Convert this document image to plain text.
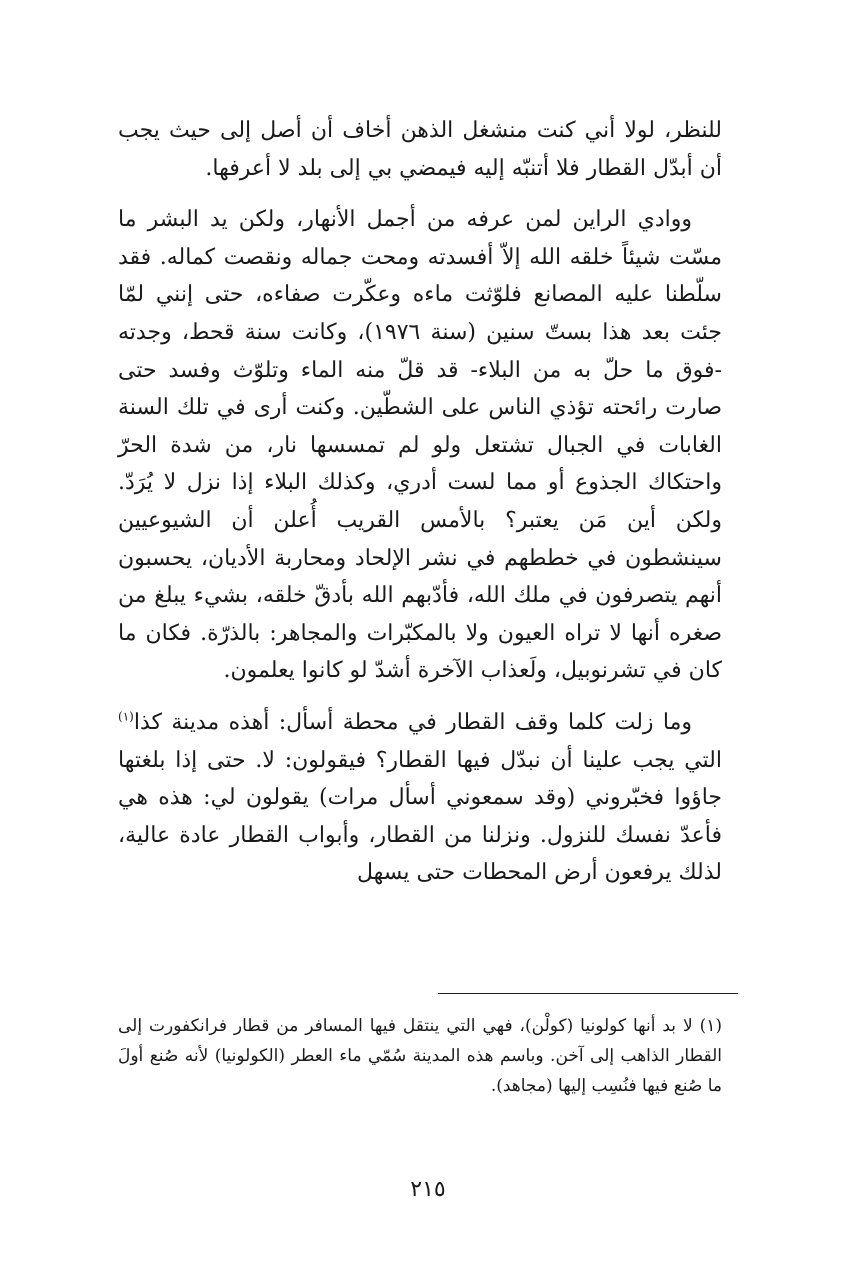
للنظر، لولا أني كنت منشغل الذهن أخاف أن أصل إلى حيث يجب أن أبدّل القطار فلا أتنبّه إليه فيمضي بي إلى بلد لا أعرفها.

ووادي الراين لمن عرفه من أجمل الأنهار، ولكن يد البشر ما مسّت شيئاً خلقه الله إلاّ أفسدته ومحت جماله ونقصت كماله. فقد سلّطنا عليه المصانع فلوّثت ماءه وعكّرت صفاءه، حتى إنني لمّا جئت بعد هذا بستّ سنين (سنة ١٩٧٦)، وكانت سنة قحط، وجدته -فوق ما حلّ به من البلاء- قد قلّ منه الماء وتلوّث وفسد حتى صارت رائحته تؤذي الناس على الشطّين. وكنت أرى في تلك السنة الغابات في الجبال تشتعل ولو لم تمسسها نار، من شدة الحرّ واحتكاك الجذوع أو مما لست أدري، وكذلك البلاء إذا نزل لا يُرَدّ. ولكن أين مَن يعتبر؟ بالأمس القريب أُعلن أن الشيوعيين سينشطون في خططهم في نشر الإلحاد ومحاربة الأديان، يحسبون أنهم يتصرفون في ملك الله، فأدّبهم الله بأدقّ خلقه، بشيء يبلغ من صغره أنها لا تراه العيون ولا بالمكبّرات والمجاهر: بالذرّة. فكان ما كان في تشرنوبيل، ولَعذاب الآخرة أشدّ لو كانوا يعلمون.

وما زلت كلما وقف القطار في محطة أسأل: أهذه مدينة كذا$^{(١)}$ التي يجب علينا أن نبدّل فيها القطار؟ فيقولون: لا. حتى إذا بلغتها جاؤوا فخبّروني (وقد سمعوني أسأل مرات) يقولون لي: هذه هي فأعدّ نفسك للنزول. ونزلنا من القطار، وأبواب القطار عادة عالية، لذلك يرفعون أرض المحطات حتى يسهل

(١) لا بد أنها كولونيا (كولْن)، فهي التي ينتقل فيها المسافر من قطار فرانكفورت إلى القطار الذاهب إلى آخن. وباسم هذه المدينة سُمّي ماء العطر (الكولونيا) لأنه صُنع أولَ ما صُنع فيها فنُسِب إليها (مجاهد).

٢١٥
